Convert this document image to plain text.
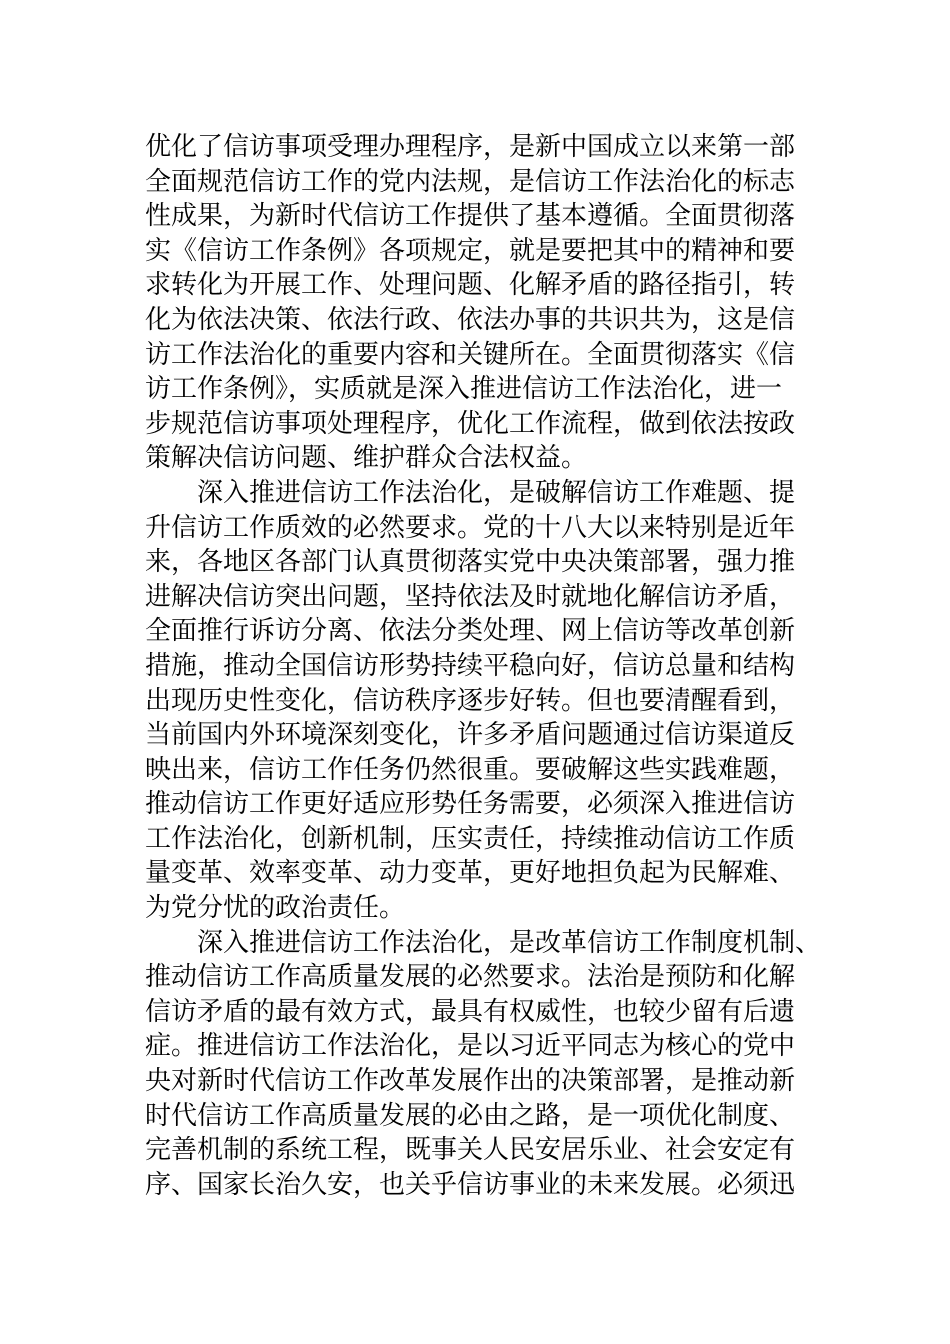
优化了信访事项受理办理程序，是新中国成立以来第一部
全面规范信访工作的党内法规，是信访工作法治化的标志
性成果，为新时代信访工作提供了基本遵循。全面贯彻落
实《信访工作条例》各项规定，就是要把其中的精神和要
求转化为开展工作、处理问题、化解矛盾的路径指引，转
化为依法决策、依法行政、依法办事的共识共为，这是信
访工作法治化的重要内容和关键所在。全面贯彻落实《信
访工作条例》，实质就是深入推进信访工作法治化，进一
步规范信访事项处理程序，优化工作流程，做到依法按政
策解决信访问题、维护群众合法权益。
深入推进信访工作法治化，是破解信访工作难题、提
升信访工作质效的必然要求。党的十八大以来特别是近年
来，各地区各部门认真贯彻落实党中央决策部署，强力推
进解决信访突出问题，坚持依法及时就地化解信访矛盾，
全面推行诉访分离、依法分类处理、网上信访等改革创新
措施，推动全国信访形势持续平稳向好，信访总量和结构
出现历史性变化，信访秩序逐步好转。但也要清醒看到，
当前国内外环境深刻变化，许多矛盾问题通过信访渠道反
映出来，信访工作任务仍然很重。要破解这些实践难题，
推动信访工作更好适应形势任务需要，必须深入推进信访
工作法治化，创新机制，压实责任，持续推动信访工作质
量变革、效率变革、动力变革，更好地担负起为民解难、
为党分忧的政治责任。
深入推进信访工作法治化，是改革信访工作制度机制、
推动信访工作高质量发展的必然要求。法治是预防和化解
信访矛盾的最有效方式，最具有权威性，也较少留有后遗
症。推进信访工作法治化，是以习近平同志为核心的党中
央对新时代信访工作改革发展作出的决策部署，是推动新
时代信访工作高质量发展的必由之路，是一项优化制度、
完善机制的系统工程，既事关人民安居乐业、社会安定有
序、国家长治久安，也关乎信访事业的未来发展。必须迅
